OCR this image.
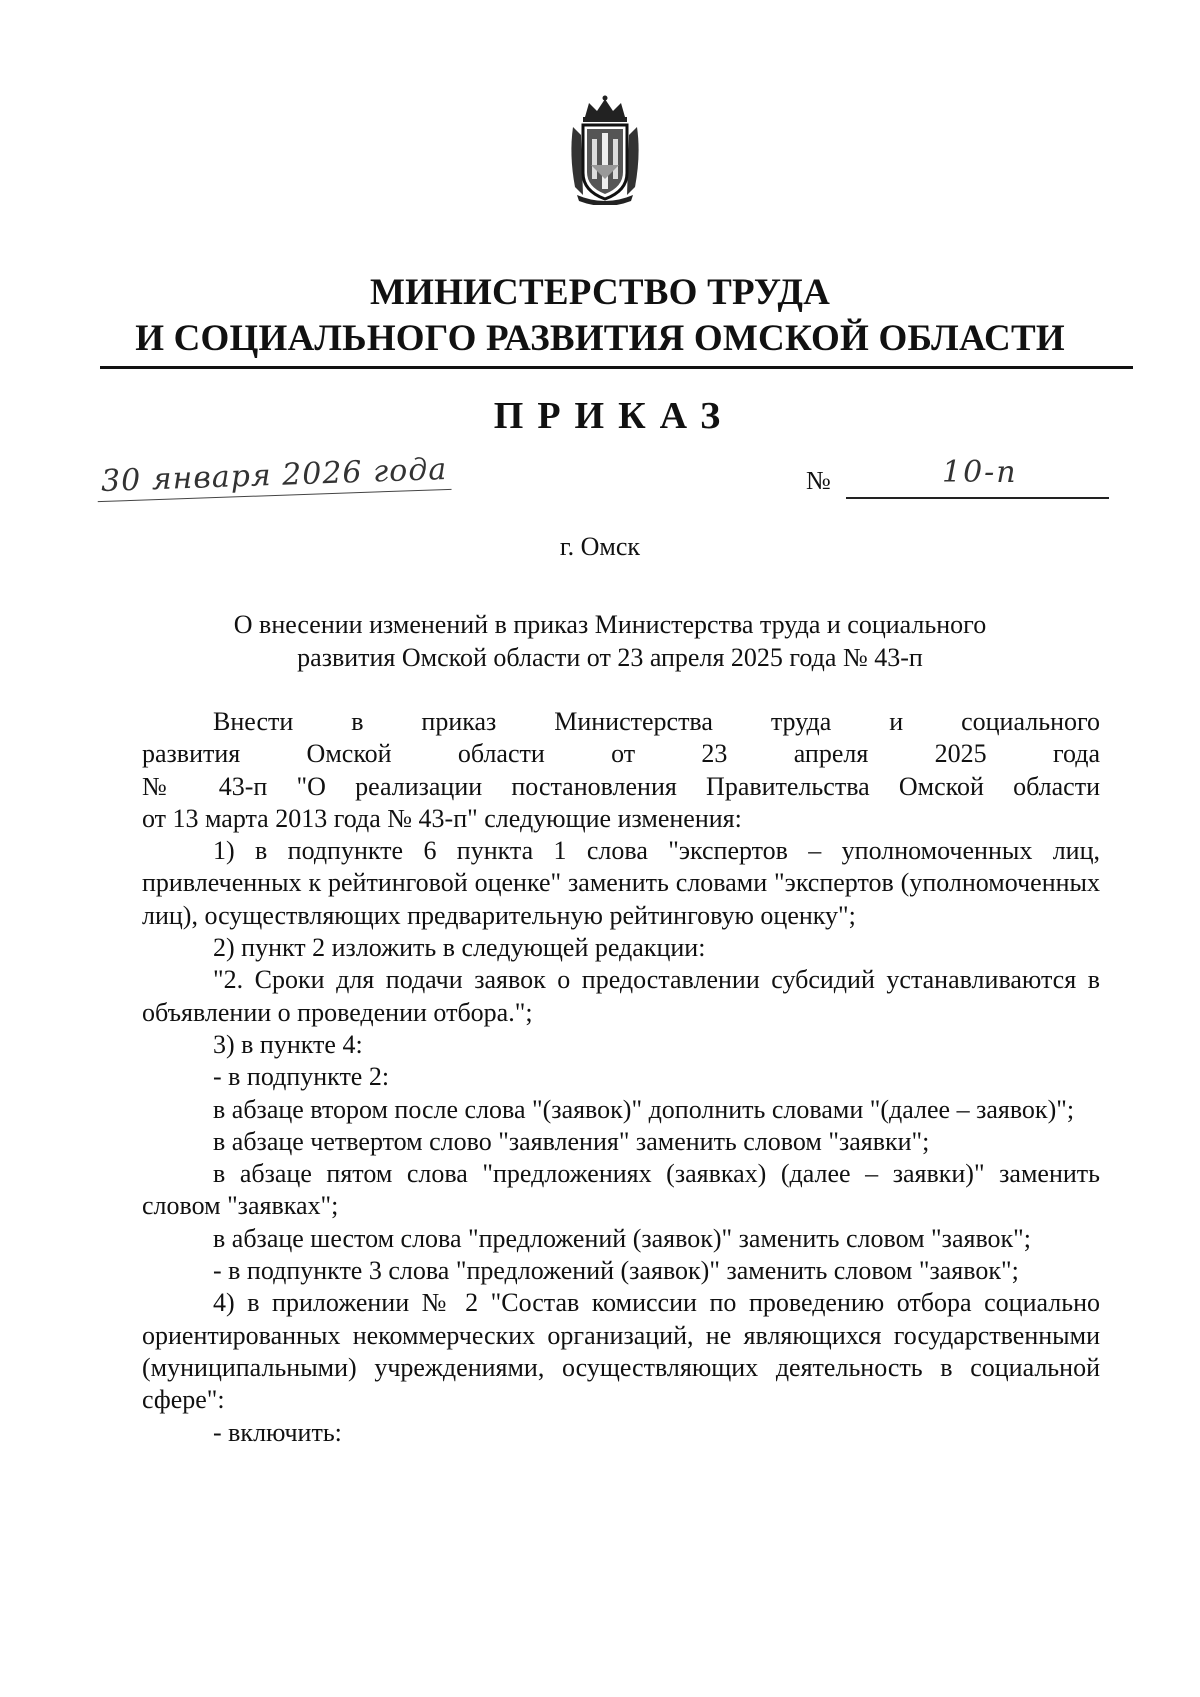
МИНИСТЕРСТВО ТРУДА
И СОЦИАЛЬНОГО РАЗВИТИЯ ОМСКОЙ ОБЛАСТИ
ПРИКАЗ
30 января 2026 года	№	10-п
г. Омск
О внесении изменений в приказ Министерства труда и социального
развития Омской области от 23 апреля 2025 года № 43-п

Внести в приказ Министерства труда и социального

развития Омской области от 23 апреля 2025 года

№ 43-п "О реализации постановления Правительства Омской области

от 13 марта 2013 года № 43-п" следующие изменения:

1) в подпункте 6 пункта 1 слова "экспертов – уполномоченных лиц, привлеченных к рейтинговой оценке" заменить словами "экспертов (уполномоченных лиц), осуществляющих предварительную рейтинговую оценку";

2) пункт 2 изложить в следующей редакции:

"2. Сроки для подачи заявок о предоставлении субсидий устанавливаются в объявлении о проведении отбора.";

3) в пункте 4:

- в подпункте 2:

в абзаце втором после слова "(заявок)" дополнить словами "(далее – заявок)";

в абзаце четвертом слово "заявления" заменить словом "заявки";

в абзаце пятом слова "предложениях (заявках) (далее – заявки)" заменить словом "заявках";

в абзаце шестом слова "предложений (заявок)" заменить словом "заявок";

- в подпункте 3 слова "предложений (заявок)" заменить словом "заявок";

4) в приложении № 2 "Состав комиссии по проведению отбора социально ориентированных некоммерческих организаций, не являющихся государственными (муниципальными) учреждениями, осуществляющих деятельность в социальной сфере":

- включить:
